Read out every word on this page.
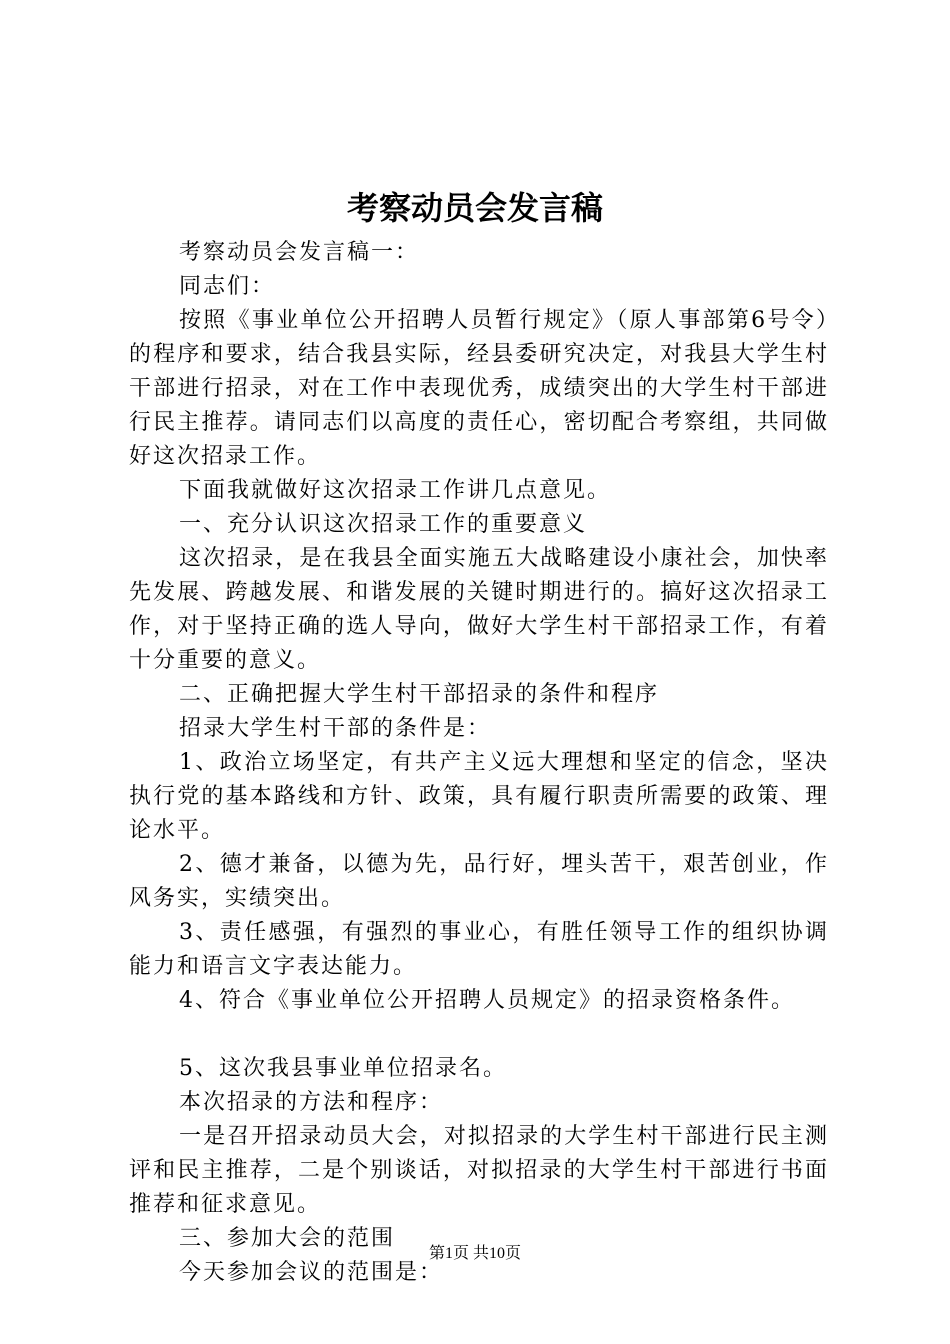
考察动员会发言稿

考察动员会发言稿一：

同志们：

按照《事业单位公开招聘人员暂行规定》（原人事部第6号令）的程序和要求，结合我县实际，经县委研究决定，对我县大学生村干部进行招录，对在工作中表现优秀，成绩突出的大学生村干部进行民主推荐。请同志们以高度的责任心，密切配合考察组，共同做好这次招录工作。

下面我就做好这次招录工作讲几点意见。

一、充分认识这次招录工作的重要意义

这次招录，是在我县全面实施五大战略建设小康社会，加快率先发展、跨越发展、和谐发展的关键时期进行的。搞好这次招录工作，对于坚持正确的选人导向，做好大学生村干部招录工作，有着十分重要的意义。

二、正确把握大学生村干部招录的条件和程序

招录大学生村干部的条件是：

1、政治立场坚定，有共产主义远大理想和坚定的信念，坚决执行党的基本路线和方针、政策，具有履行职责所需要的政策、理论水平。

2、德才兼备，以德为先，品行好，埋头苦干，艰苦创业，作风务实，实绩突出。

3、责任感强，有强烈的事业心，有胜任领导工作的组织协调能力和语言文字表达能力。

4、符合《事业单位公开招聘人员规定》的招录资格条件。

5、这次我县事业单位招录名。

本次招录的方法和程序：

一是召开招录动员大会，对拟招录的大学生村干部进行民主测评和民主推荐，二是个别谈话，对拟招录的大学生村干部进行书面推荐和征求意见。

三、参加大会的范围

今天参加会议的范围是：

第1页 共10页
